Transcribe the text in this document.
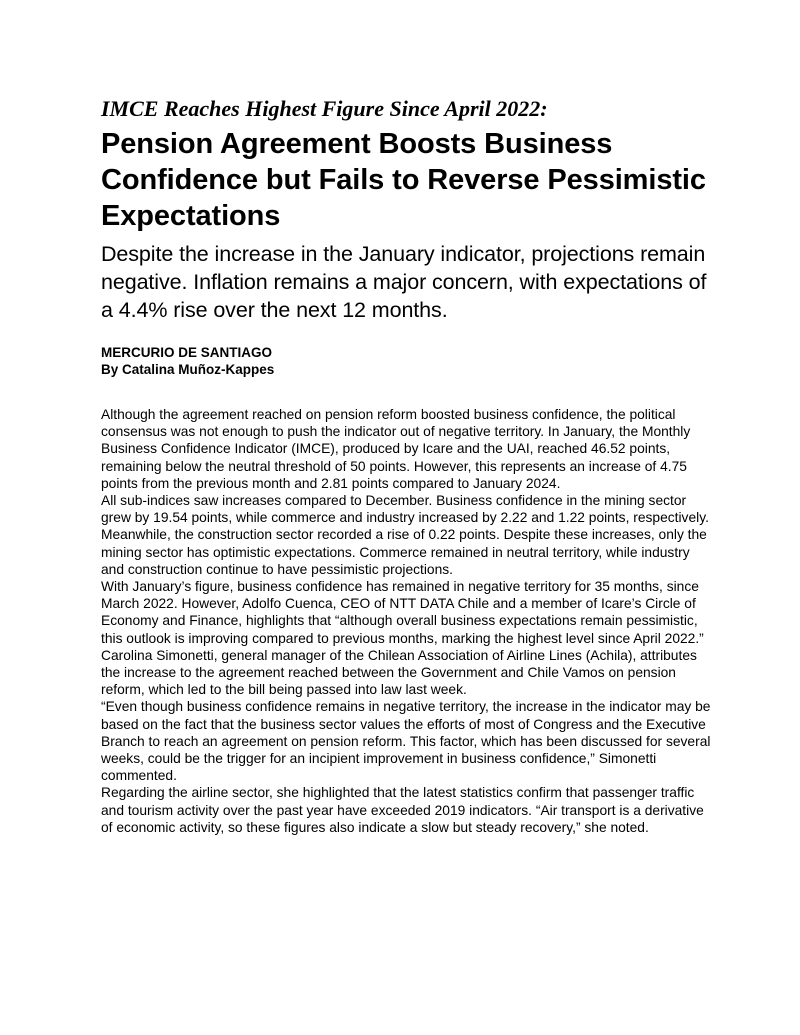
IMCE Reaches Highest Figure Since April 2022:
Pension Agreement Boosts Business Confidence but Fails to Reverse Pessimistic Expectations

Despite the increase in the January indicator, projections remain negative. Inflation remains a major concern, with expectations of a 4.4% rise over the next 12 months.

MERCURIO DE SANTIAGO
By Catalina Muñoz-Kappes

Although the agreement reached on pension reform boosted business confidence, the political consensus was not enough to push the indicator out of negative territory. In January, the Monthly Business Confidence Indicator (IMCE), produced by Icare and the UAI, reached 46.52 points, remaining below the neutral threshold of 50 points. However, this represents an increase of 4.75 points from the previous month and 2.81 points compared to January 2024.

All sub-indices saw increases compared to December. Business confidence in the mining sector grew by 19.54 points, while commerce and industry increased by 2.22 and 1.22 points, respectively. Meanwhile, the construction sector recorded a rise of 0.22 points. Despite these increases, only the mining sector has optimistic expectations. Commerce remained in neutral territory, while industry and construction continue to have pessimistic projections.

With January’s figure, business confidence has remained in negative territory for 35 months, since March 2022. However, Adolfo Cuenca, CEO of NTT DATA Chile and a member of Icare’s Circle of Economy and Finance, highlights that “although overall business expectations remain pessimistic, this outlook is improving compared to previous months, marking the highest level since April 2022.”

Carolina Simonetti, general manager of the Chilean Association of Airline Lines (Achila), attributes the increase to the agreement reached between the Government and Chile Vamos on pension reform, which led to the bill being passed into law last week.

“Even though business confidence remains in negative territory, the increase in the indicator may be based on the fact that the business sector values the efforts of most of Congress and the Executive Branch to reach an agreement on pension reform. This factor, which has been discussed for several weeks, could be the trigger for an incipient improvement in business confidence,” Simonetti commented.

Regarding the airline sector, she highlighted that the latest statistics confirm that passenger traffic and tourism activity over the past year have exceeded 2019 indicators. “Air transport is a derivative of economic activity, so these figures also indicate a slow but steady recovery,” she noted.
